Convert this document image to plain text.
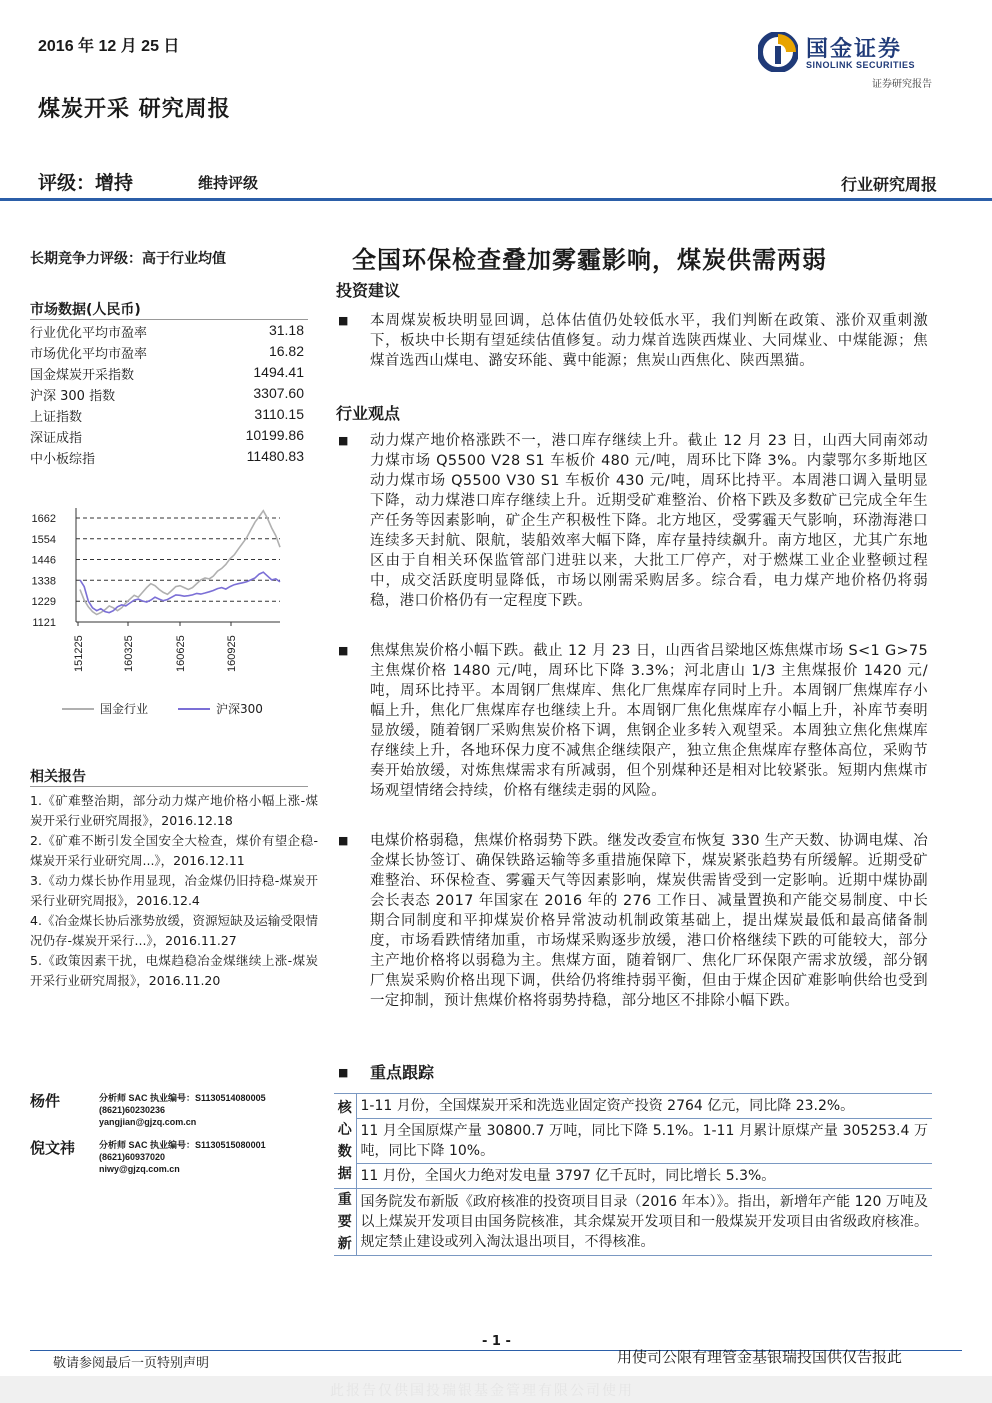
2016 年 12 月 25 日
煤炭开采 研究周报
国金证券
SINOLINK SECURITIES
证券研究报告
评级：增持	维持评级	行业研究周报
长期竞争力评级：高于行业均值
市场数据(人民币)
行业优化平均市盈率	31.18
市场优化平均市盈率	16.82
国金煤炭开采指数	1494.41
沪深 300 指数	3307.60
上证指数	3110.15
深证成指	10199.86
中小板综指	11480.83
1662
1554
1446
1338
1229
1121
151225	160325	160625	160925
国金行业	沪深300
相关报告
1.《矿难整治期，部分动力煤产地价格小幅上涨-煤炭开采行业研究周报》，2016.12.18
2.《矿难不断引发全国安全大检查，煤价有望企稳-煤炭开采行业研究周...》，2016.12.11
3.《动力煤长协作用显现，冶金煤仍旧持稳-煤炭开采行业研究周报》，2016.12.4
4.《冶金煤长协后涨势放缓，资源短缺及运输受限情况仍存-煤炭开采行...》，2016.11.27
5.《政策因素干扰，电煤趋稳冶金煤继续上涨-煤炭开采行业研究周报》，2016.11.20
杨件	分析师 SAC 执业编号：S1130514080005
(8621)60230236
yangjian@gjzq.com.cn
倪文祎	分析师 SAC 执业编号：S1130515080001
(8621)60937020
niwy@gjzq.com.cn
全国环保检查叠加雾霾影响，煤炭供需两弱
投资建议
■ 本周煤炭板块明显回调，总体估值仍处较低水平，我们判断在政策、涨价双重刺激下，板块中长期有望延续估值修复。动力煤首选陕西煤业、大同煤业、中煤能源；焦煤首选西山煤电、潞安环能、冀中能源；焦炭山西焦化、陕西黑猫。
行业观点
■ 动力煤产地价格涨跌不一，港口库存继续上升。截止 12 月 23 日，山西大同南郊动力煤市场 Q5500 V28 S1 车板价 480 元/吨，周环比下降 3%。内蒙鄂尔多斯地区动力煤市场 Q5500 V30 S1 车板价 430 元/吨，周环比持平。本周港口调入量明显下降，动力煤港口库存继续上升。近期受矿难整治、价格下跌及多数矿已完成全年生产任务等因素影响，矿企生产积极性下降。北方地区，受雾霾天气影响，环渤海港口连续多天封航、限航，装船效率大幅下降，库存量持续飙升。南方地区，尤其广东地区由于自相关环保监管部门进驻以来，大批工厂停产，对于燃煤工业企业整顿过程中，成交活跃度明显降低，市场以刚需采购居多。综合看，电力煤产地价格仍将弱稳，港口价格仍有一定程度下跌。
■ 焦煤焦炭价格小幅下跌。截止 12 月 23 日，山西省吕梁地区炼焦煤市场 S<1 G>75 主焦煤价格 1480 元/吨，周环比下降 3.3%；河北唐山 1/3 主焦煤报价 1420 元/吨，周环比持平。本周钢厂焦煤库、焦化厂焦煤库存同时上升。本周钢厂焦煤库存小幅上升，焦化厂焦煤库存也继续上升。本周钢厂焦化焦煤库存小幅上升，补库节奏明显放缓，随着钢厂采购焦炭价格下调，焦钢企业多转入观望采。本周独立焦化焦煤库存继续上升，各地环保力度不减焦企继续限产，独立焦企焦煤库存整体高位，采购节奏开始放缓，对炼焦煤需求有所减弱，但个别煤种还是相对比较紧张。短期内焦煤市场观望情绪会持续，价格有继续走弱的风险。
■ 电煤价格弱稳，焦煤价格弱势下跌。继发改委宣布恢复 330 生产天数、协调电煤、冶金煤长协签订、确保铁路运输等多重措施保障下，煤炭紧张趋势有所缓解。近期受矿难整治、环保检查、雾霾天气等因素影响，煤炭供需皆受到一定影响。近期中煤协副会长表态 2017 年国家在 2016 年的 276 工作日、减量置换和产能交易制度、中长期合同制度和平抑煤炭价格异常波动机制政策基础上，提出煤炭最低和最高储备制度，市场看跌情绪加重，市场煤采购逐步放缓，港口价格继续下跌的可能较大，部分主产地价格将以弱稳为主。焦煤方面，随着钢厂、焦化厂环保限产需求放缓，部分钢厂焦炭采购价格出现下调，供给仍将维持弱平衡，但由于煤企因矿难影响供给也受到一定抑制，预计焦煤价格将弱势持稳，部分地区不排除小幅下跌。
■ 重点跟踪
核
心
数
据	1-11 月份，全国煤炭开采和洗选业固定资产投资 2764 亿元，同比降 23.2%。
	11 月全国原煤产量 30800.7 万吨，同比下降 5.1%。1-11 月累计原煤产量 305253.4 万吨，同比下降 10%。
	11 月份，全国火力绝对发电量 3797 亿千瓦时，同比增长 5.3%。

重
要
新	国务院发布新版《政府核准的投资项目目录（2016 年本）》。指出，新增年产能 120 万吨及以上煤炭开发项目由国务院核准，其余煤炭开发项目和一般煤炭开发项目由省级政府核准。规定禁止建设或列入淘汰退出项目，不得核准。
- 1 -
敬请参阅最后一页特别声明	用使司公限有理管金基银瑞投国供仅告报此
此报告仅供国投瑞银基金管理有限公司使用
